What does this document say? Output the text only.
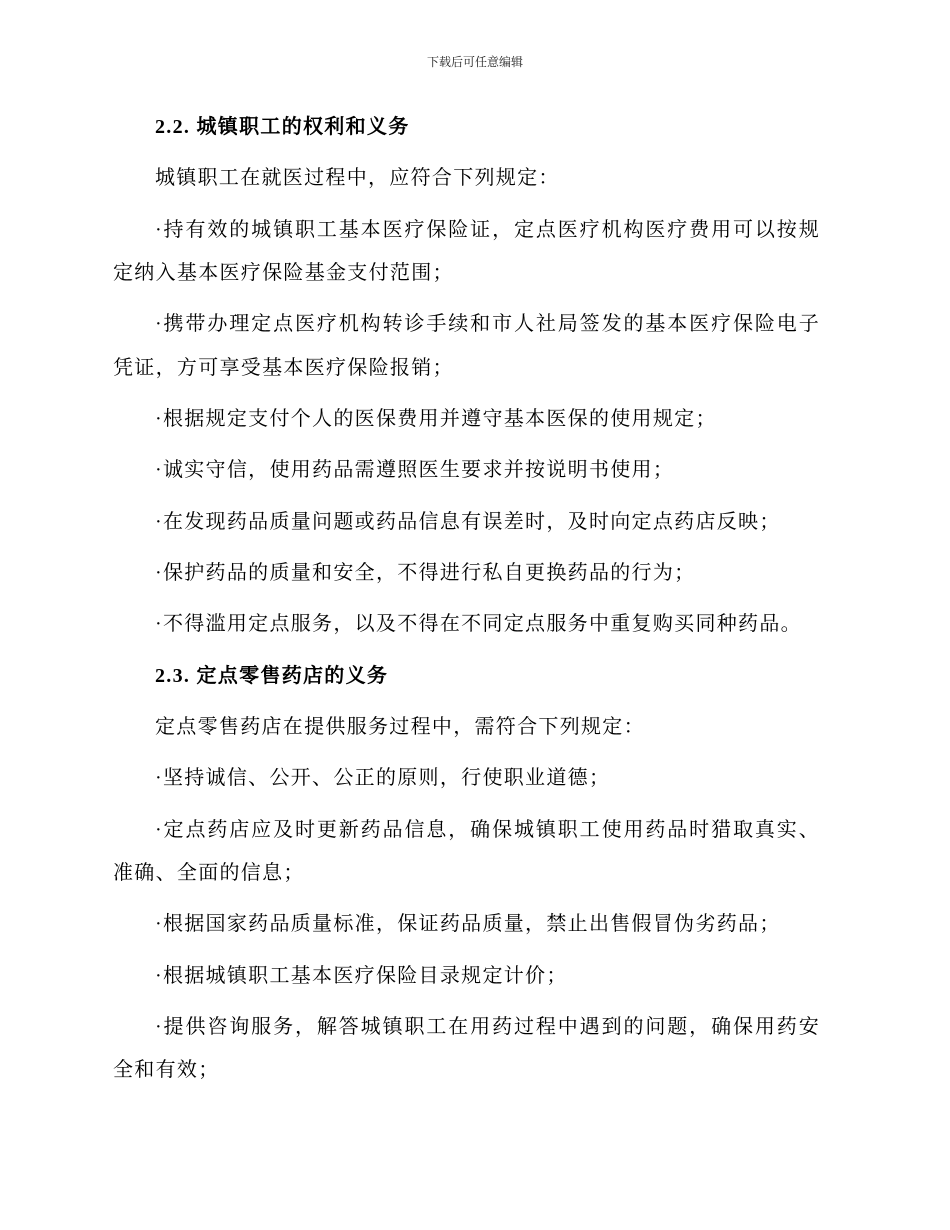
下载后可任意编辑
2.2. 城镇职工的权利和义务
城镇职工在就医过程中，应符合下列规定：
·持有效的城镇职工基本医疗保险证，定点医疗机构医疗费用可以按规
定纳入基本医疗保险基金支付范围；
·携带办理定点医疗机构转诊手续和市人社局签发的基本医疗保险电子
凭证，方可享受基本医疗保险报销；
·根据规定支付个人的医保费用并遵守基本医保的使用规定；
·诚实守信，使用药品需遵照医生要求并按说明书使用；
·在发现药品质量问题或药品信息有误差时，及时向定点药店反映；
·保护药品的质量和安全，不得进行私自更换药品的行为；
·不得滥用定点服务，以及不得在不同定点服务中重复购买同种药品。
2.3. 定点零售药店的义务
定点零售药店在提供服务过程中，需符合下列规定：
·坚持诚信、公开、公正的原则，行使职业道德；
·定点药店应及时更新药品信息，确保城镇职工使用药品时猎取真实、
准确、全面的信息；
·根据国家药品质量标准，保证药品质量，禁止出售假冒伪劣药品；
·根据城镇职工基本医疗保险目录规定计价；
·提供咨询服务，解答城镇职工在用药过程中遇到的问题，确保用药安
全和有效；
